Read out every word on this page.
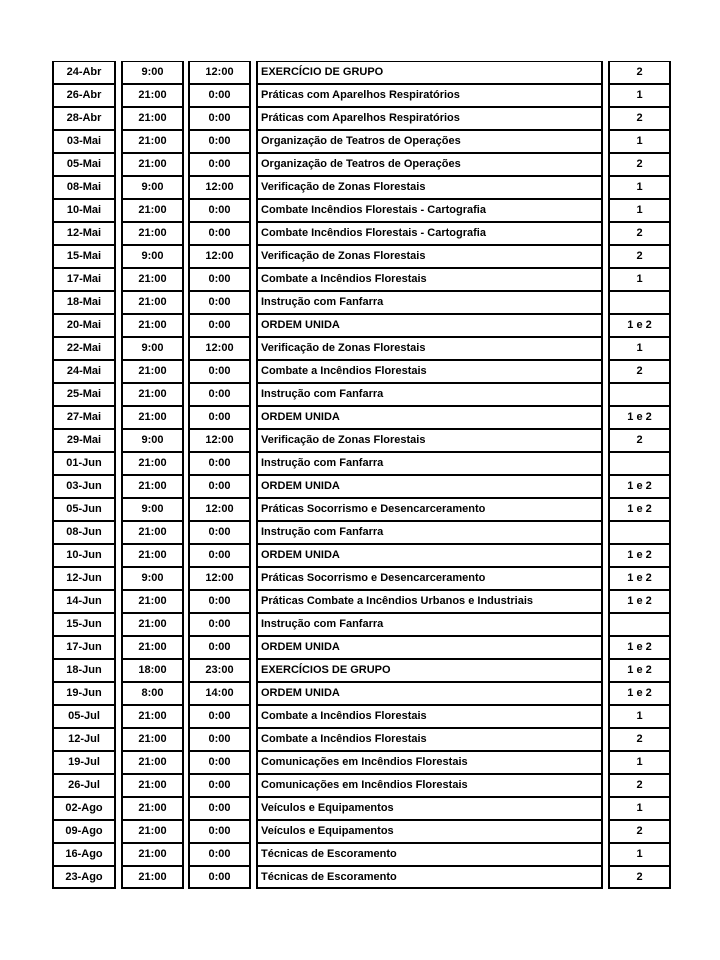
24-Abr	9:00	12:00	EXERCÍCIO DE GRUPO	2
26-Abr	21:00	0:00	Práticas com Aparelhos Respiratórios	1
28-Abr	21:00	0:00	Práticas com Aparelhos Respiratórios	2
03-Mai	21:00	0:00	Organização de Teatros de Operações	1
05-Mai	21:00	0:00	Organização de Teatros de Operações	2
08-Mai	9:00	12:00	Verificação de Zonas Florestais	1
10-Mai	21:00	0:00	Combate Incêndios Florestais - Cartografia	1
12-Mai	21:00	0:00	Combate Incêndios Florestais - Cartografia	2
15-Mai	9:00	12:00	Verificação de Zonas Florestais	2
17-Mai	21:00	0:00	Combate a Incêndios Florestais	1
18-Mai	21:00	0:00	Instrução com Fanfarra
20-Mai	21:00	0:00	ORDEM UNIDA	1 e 2
22-Mai	9:00	12:00	Verificação de Zonas Florestais	1
24-Mai	21:00	0:00	Combate a Incêndios Florestais	2
25-Mai	21:00	0:00	Instrução com Fanfarra
27-Mai	21:00	0:00	ORDEM UNIDA	1 e 2
29-Mai	9:00	12:00	Verificação de Zonas Florestais	2
01-Jun	21:00	0:00	Instrução com Fanfarra
03-Jun	21:00	0:00	ORDEM UNIDA	1 e 2
05-Jun	9:00	12:00	Práticas Socorrismo e Desencarceramento	1 e 2
08-Jun	21:00	0:00	Instrução com Fanfarra
10-Jun	21:00	0:00	ORDEM UNIDA	1 e 2
12-Jun	9:00	12:00	Práticas Socorrismo e Desencarceramento	1 e 2
14-Jun	21:00	0:00	Práticas Combate a Incêndios Urbanos e Industriais	1 e 2
15-Jun	21:00	0:00	Instrução com Fanfarra
17-Jun	21:00	0:00	ORDEM UNIDA	1 e 2
18-Jun	18:00	23:00	EXERCÍCIOS DE GRUPO	1 e 2
19-Jun	8:00	14:00	ORDEM UNIDA	1 e 2
05-Jul	21:00	0:00	Combate a Incêndios Florestais	1
12-Jul	21:00	0:00	Combate a Incêndios Florestais	2
19-Jul	21:00	0:00	Comunicações em Incêndios Florestais	1
26-Jul	21:00	0:00	Comunicações em Incêndios Florestais	2
02-Ago	21:00	0:00	Veículos e Equipamentos	1
09-Ago	21:00	0:00	Veículos e Equipamentos	2
16-Ago	21:00	0:00	Técnicas de Escoramento	1
23-Ago	21:00	0:00	Técnicas de Escoramento	2
